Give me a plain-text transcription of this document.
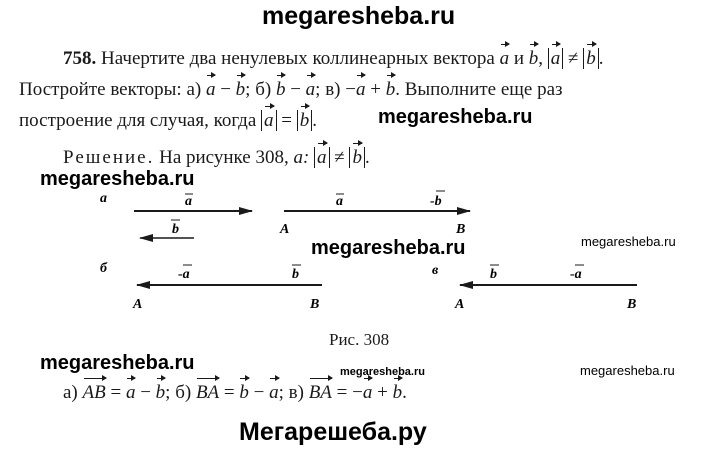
megaresheba.ru
758. Начертите два ненулевых коллинеарных вектора a и b, a ≠ b .
Постройте векторы: а) a − b; б) b − a; в) −a + b. Выполните еще раз
построение для случая, когда a = b .	megaresheba.ru
Решение. На рисунке 308, а: a ≠ b .
megaresheba.ru
megaresheba.ru	megaresheba.ru
а	a
b
a	-b
A	B
б	-a	b
A	B
в	b	-a
A	B
Рис. 308
megaresheba.ru	megaresheba.ru	megaresheba.ru
а) AB = a − b; б) BA = b − a; в) BA = −a + b.
Мегарешеба.ру
